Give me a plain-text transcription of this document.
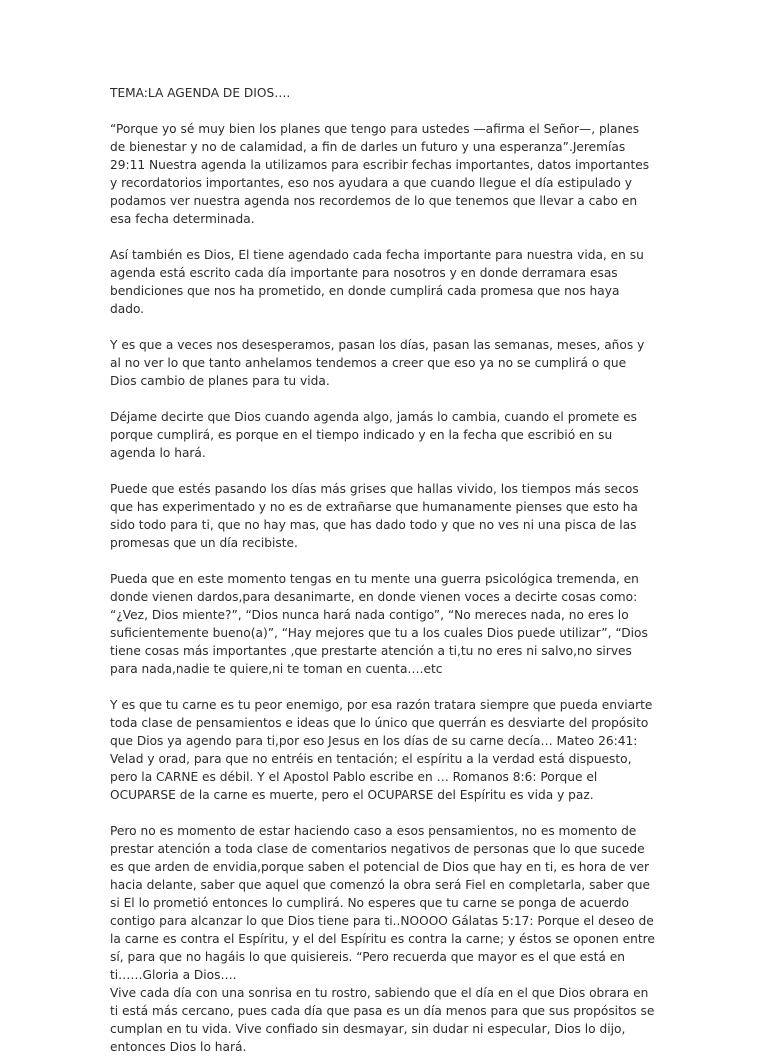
TEMA:LA AGENDA DE DIOS….

“Porque yo sé muy bien los planes que tengo para ustedes —afirma el Señor—, planes de bienestar y no de calamidad, a fin de darles un futuro y una esperanza”.Jeremías 29:11 Nuestra agenda la utilizamos para escribir fechas importantes, datos importantes y recordatorios importantes, eso nos ayudara a que cuando llegue el día estipulado y podamos ver nuestra agenda nos recordemos de lo que tenemos que llevar a cabo en esa fecha determinada.

Así también es Dios, El tiene agendado cada fecha importante para nuestra vida, en su agenda está escrito cada día importante para nosotros y en donde derramara esas bendiciones que nos ha prometido, en donde cumplirá cada promesa que nos haya dado.

Y es que a veces nos desesperamos, pasan los días, pasan las semanas, meses, años y al no ver lo que tanto anhelamos tendemos a creer que eso ya no se cumplirá o que Dios cambio de planes para tu vida.

Déjame decirte que Dios cuando agenda algo, jamás lo cambia, cuando el promete es porque cumplirá, es porque en el tiempo indicado y en la fecha que escribió en su agenda lo hará.

Puede que estés pasando los días más grises que hallas vivido, los tiempos más secos que has experimentado y no es de extrañarse que humanamente pienses que esto ha sido todo para ti, que no hay mas, que has dado todo y que no ves ni una pisca de las promesas que un día recibiste.

Pueda que en este momento tengas en tu mente una guerra psicológica tremenda, en donde vienen dardos,para desanimarte, en donde vienen voces a decirte cosas como: “¿Vez, Dios miente?”, “Dios nunca hará nada contigo”, “No mereces nada, no eres lo suficientemente bueno(a)”, “Hay mejores que tu a los cuales Dios puede utilizar”, “Dios tiene cosas más importantes ,que prestarte atención a ti,tu no eres ni salvo,no sirves para nada,nadie te quiere,ni te toman en cuenta….etc

Y es que tu carne es tu peor enemigo, por esa razón tratara siempre que pueda enviarte toda clase de pensamientos e ideas que lo único que querrán es desviarte del propósito que Dios ya agendo para ti,por eso Jesus en los días de su carne decía… Mateo 26:41: Velad y orad, para que no entréis en tentación; el espíritu a la verdad está dispuesto, pero la CARNE es débil. Y el Apostol Pablo escribe en … Romanos 8:6: Porque el OCUPARSE de la carne es muerte, pero el OCUPARSE del Espíritu es vida y paz.

Pero no es momento de estar haciendo caso a esos pensamientos, no es momento de prestar atención a toda clase de comentarios negativos de personas que lo que sucede es que arden de envidia,porque saben el potencial de Dios que hay en ti, es hora de ver hacia delante, saber que aquel que comenzó la obra será Fiel en completarla, saber que si El lo prometió entonces lo cumplirá. No esperes que tu carne se ponga de acuerdo contigo para alcanzar lo que Dios tiene para ti..NOOOO Gálatas 5:17: Porque el deseo de la carne es contra el Espíritu, y el del Espíritu es contra la carne; y éstos se oponen entre sí, para que no hagáis lo que quisiereis. “Pero recuerda que mayor es el que está en ti……Gloria a Dios….

Vive cada día con una sonrisa en tu rostro, sabiendo que el día en el que Dios obrara en ti está más cercano, pues cada día que pasa es un día menos para que sus propósitos se cumplan en tu vida. Vive confiado sin desmayar, sin dudar ni especular, Dios lo dijo, entonces Dios lo hará.
